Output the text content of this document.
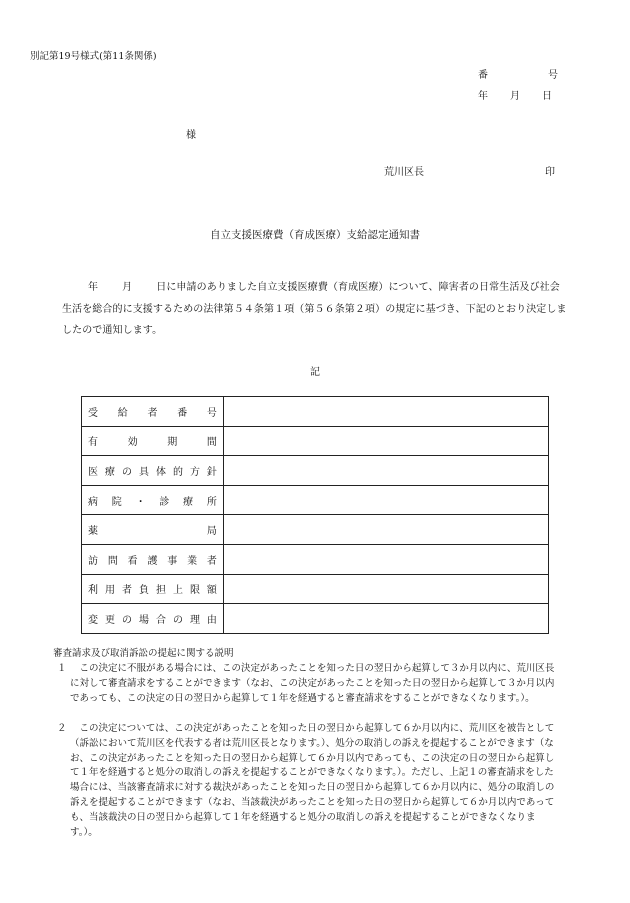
別記第19号様式(第11条関係)
番	号
年 月 日
様
荒川区長	印
自立支援医療費（育成医療）支給認定通知書
年 月 日に申請のありました自立支援医療費（育成医療）について、障害者の日常生活及び社会生活を総合的に支援するための法律第５４条第１項（第５６条第２項）の規定に基づき、下記のとおり決定しましたので通知します。
記
受給者番号	
有効期間	
医療の具体的方針	
病院・診療所	
薬局	
訪問看護事業者	
利用者負担上限額	
変更の場合の理由	
審査請求及び取消訴訟の提起に関する説明
１	この決定に不服がある場合には、この決定があったことを知った日の翌日から起算して３か月以内に、荒川区長に対して審査請求をすることができます（なお、この決定があったことを知った日の翌日から起算して３か月以内であっても、この決定の日の翌日から起算して１年を経過すると審査請求をすることができなくなります。）。
２	この決定については、この決定があったことを知った日の翌日から起算して６か月以内に、荒川区を被告として（訴訟において荒川区を代表する者は荒川区長となります。）、処分の取消しの訴えを提起することができます（なお、この決定があったことを知った日の翌日から起算して６か月以内であっても、この決定の日の翌日から起算して１年を経過すると処分の取消しの訴えを提起することができなくなります。）。ただし、上記１の審査請求をした場合には、当該審査請求に対する裁決があったことを知った日の翌日から起算して６か月以内に、処分の取消しの訴えを提起することができます（なお、当該裁決があったことを知った日の翌日から起算して６か月以内であっても、当該裁決の日の翌日から起算して１年を経過すると処分の取消しの訴えを提起することができなくなります。）。
